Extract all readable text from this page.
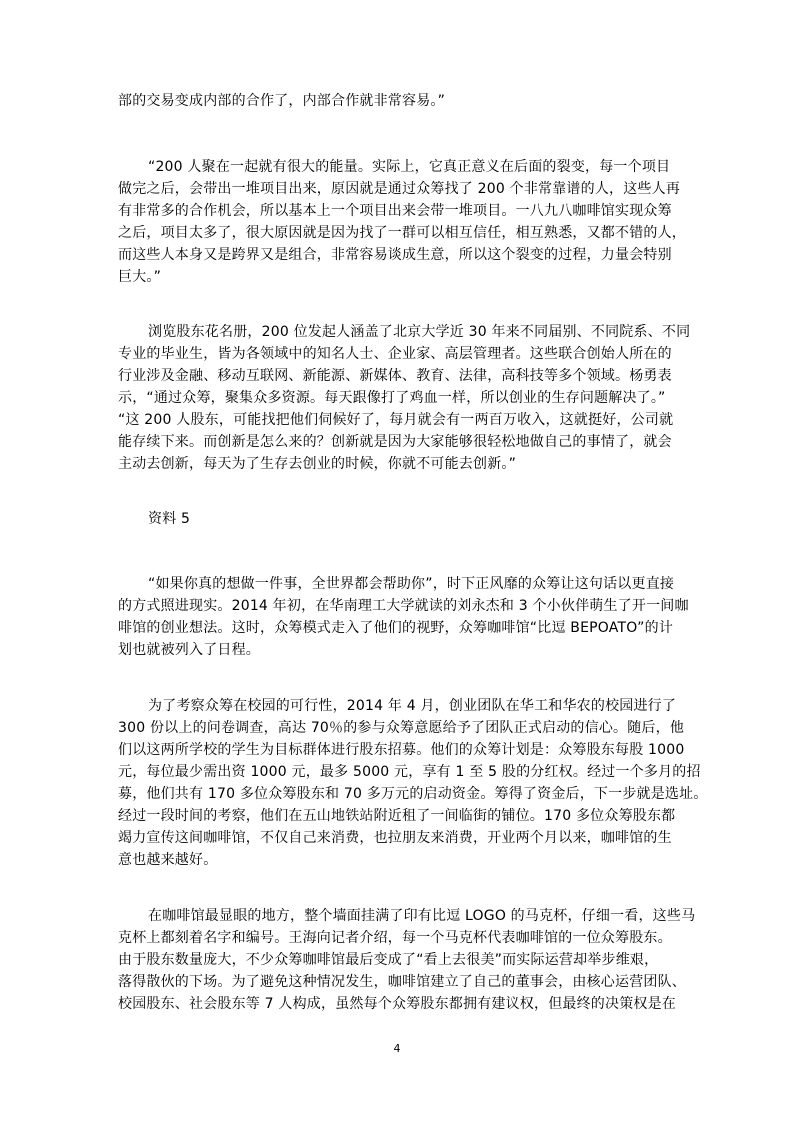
部的交易变成内部的合作了，内部合作就非常容易。”

“200 人聚在一起就有很大的能量。实际上，它真正意义在后面的裂变，每一个项目
做完之后，会带出一堆项目出来，原因就是通过众筹找了 200 个非常靠谱的人，这些人再
有非常多的合作机会，所以基本上一个项目出来会带一堆项目。一八九八咖啡馆实现众筹
之后，项目太多了，很大原因就是因为找了一群可以相互信任，相互熟悉，又都不错的人，
而这些人本身又是跨界又是组合，非常容易谈成生意，所以这个裂变的过程，力量会特别
巨大。”

浏览股东花名册，200 位发起人涵盖了北京大学近 30 年来不同届别、不同院系、不同
专业的毕业生，皆为各领域中的知名人士、企业家、高层管理者。这些联合创始人所在的
行业涉及金融、移动互联网、新能源、新媒体、教育、法律，高科技等多个领域。杨勇表
示，“通过众筹，聚集众多资源。每天跟像打了鸡血一样，所以创业的生存问题解决了。”
“这 200 人股东，可能找把他们伺候好了，每月就会有一两百万收入，这就挺好，公司就
能存续下来。而创新是怎么来的？创新就是因为大家能够很轻松地做自己的事情了，就会
主动去创新，每天为了生存去创业的时候，你就不可能去创新。”

资料 5

“如果你真的想做一件事，全世界都会帮助你”，时下正风靡的众筹让这句话以更直接
的方式照进现实。2014 年初，在华南理工大学就读的刘永杰和 3 个小伙伴萌生了开一间咖
啡馆的创业想法。这时，众筹模式走入了他们的视野，众筹咖啡馆“比逗 BEPOATO”的计
划也就被列入了日程。

为了考察众筹在校园的可行性，2014 年 4 月，创业团队在华工和华农的校园进行了
300 份以上的问卷调查，高达 70％的参与众筹意愿给予了团队正式启动的信心。随后，他
们以这两所学校的学生为目标群体进行股东招募。他们的众筹计划是：众筹股东每股 1000
元，每位最少需出资 1000 元，最多 5000 元，享有 1 至 5 股的分红权。经过一个多月的招
募，他们共有 170 多位众筹股东和 70 多万元的启动资金。筹得了资金后，下一步就是选址。
经过一段时间的考察，他们在五山地铁站附近租了一间临街的铺位。170 多位众筹股东都
竭力宣传这间咖啡馆，不仅自己来消费，也拉朋友来消费，开业两个月以来，咖啡馆的生
意也越来越好。

在咖啡馆最显眼的地方，整个墙面挂满了印有比逗 LOGO 的马克杯，仔细一看，这些马
克杯上都刻着名字和编号。王海向记者介绍，每一个马克杯代表咖啡馆的一位众筹股东。
由于股东数量庞大，不少众筹咖啡馆最后变成了“看上去很美”而实际运营却举步维艰，
落得散伙的下场。为了避免这种情况发生，咖啡馆建立了自己的董事会，由核心运营团队、
校园股东、社会股东等 7 人构成，虽然每个众筹股东都拥有建议权，但最终的决策权是在

4
